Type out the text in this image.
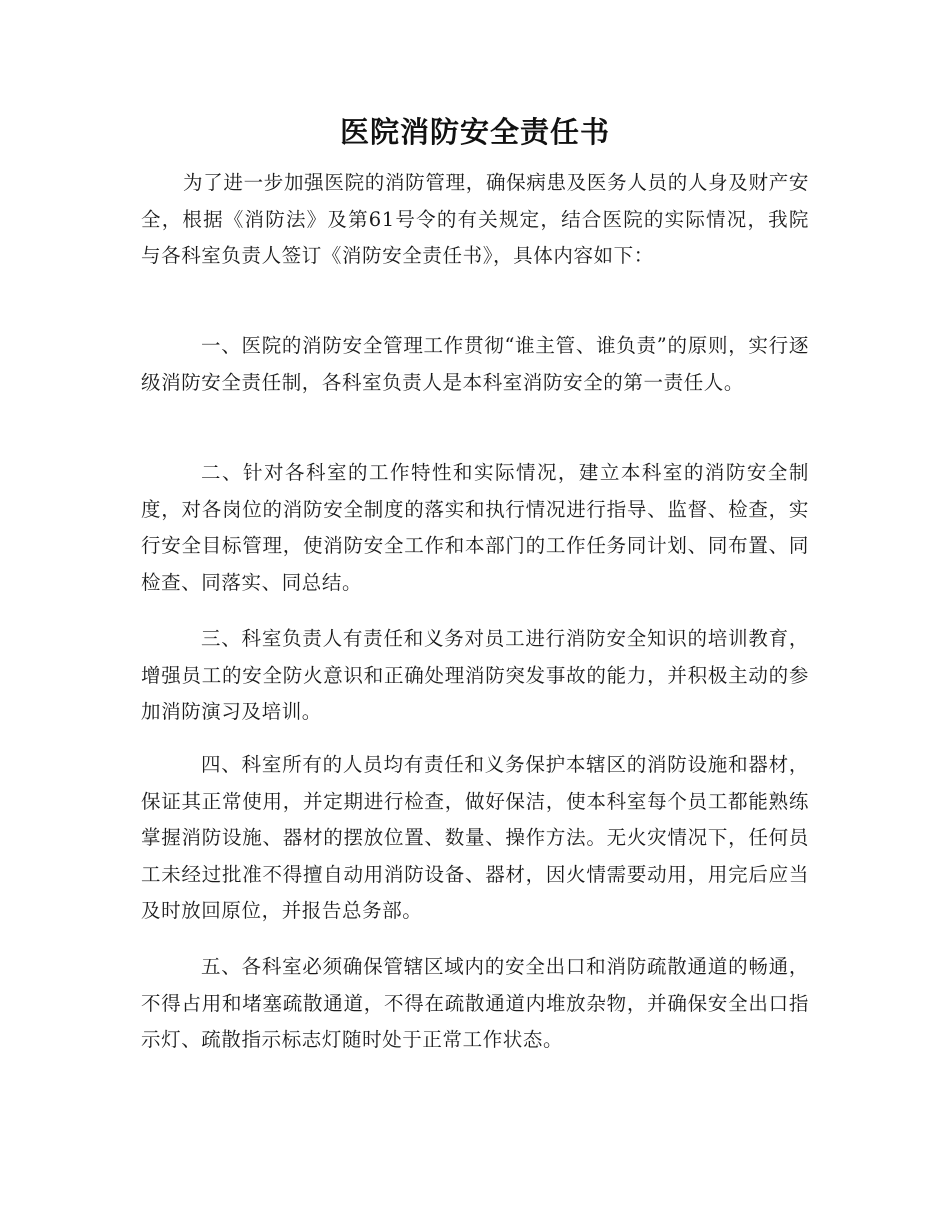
医院消防安全责任书

为了进一步加强医院的消防管理，确保病患及医务人员的人身及财产安全，根据《消防法》及第61号令的有关规定，结合医院的实际情况，我院与各科室负责人签订《消防安全责任书》，具体内容如下：

一、医院的消防安全管理工作贯彻“谁主管、谁负责”的原则，实行逐级消防安全责任制，各科室负责人是本科室消防安全的第一责任人。

二、针对各科室的工作特性和实际情况，建立本科室的消防安全制度，对各岗位的消防安全制度的落实和执行情况进行指导、监督、检查，实行安全目标管理，使消防安全工作和本部门的工作任务同计划、同布置、同检查、同落实、同总结。

三、科室负责人有责任和义务对员工进行消防安全知识的培训教育，增强员工的安全防火意识和正确处理消防突发事故的能力，并积极主动的参加消防演习及培训。

四、科室所有的人员均有责任和义务保护本辖区的消防设施和器材，保证其正常使用，并定期进行检查，做好保洁，使本科室每个员工都能熟练掌握消防设施、器材的摆放位置、数量、操作方法。无火灾情况下，任何员工未经过批准不得擅自动用消防设备、器材，因火情需要动用，用完后应当及时放回原位，并报告总务部。

五、各科室必须确保管辖区域内的安全出口和消防疏散通道的畅通，不得占用和堵塞疏散通道，不得在疏散通道内堆放杂物，并确保安全出口指示灯、疏散指示标志灯随时处于正常工作状态。
